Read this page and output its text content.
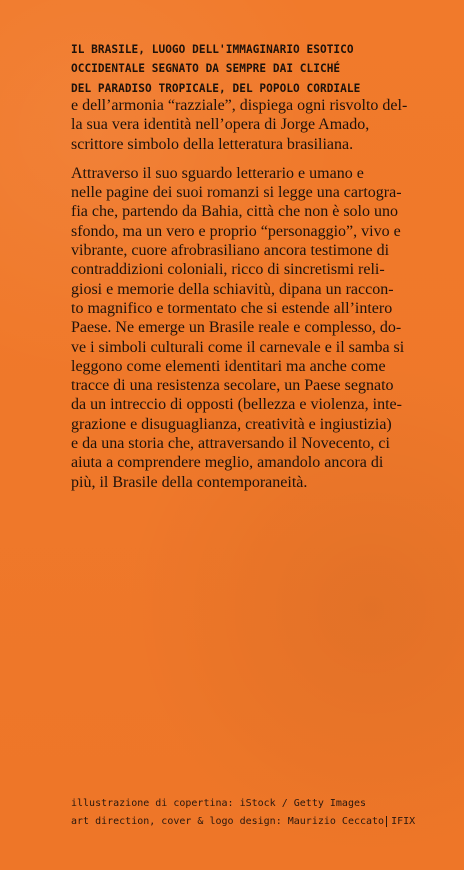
IL BRASILE, LUOGO DELL'IMMAGINARIO ESOTICO
OCCIDENTALE SEGNATO DA SEMPRE DAI CLICHÉ
DEL PARADISO TROPICALE, DEL POPOLO CORDIALE

e dell’armonia “razziale”, dispiega ogni risvolto del-
la sua vera identità nell’opera di Jorge Amado,
scrittore simbolo della letteratura brasiliana.

Attraverso il suo sguardo letterario e umano e
nelle pagine dei suoi romanzi si legge una cartogra-
fia che, partendo da Bahia, città che non è solo uno
sfondo, ma un vero e proprio “personaggio”, vivo e
vibrante, cuore afrobrasiliano ancora testimone di
contraddizioni coloniali, ricco di sincretismi reli-
giosi e memorie della schiavitù, dipana un raccon-
to magnifico e tormentato che si estende all’intero
Paese. Ne emerge un Brasile reale e complesso, do-
ve i simboli culturali come il carnevale e il samba si
leggono come elementi identitari ma anche come
tracce di una resistenza secolare, un Paese segnato
da un intreccio di opposti (bellezza e violenza, inte-
grazione e disuguaglianza, creatività e ingiustizia)
e da una storia che, attraversando il Novecento, ci
aiuta a comprendere meglio, amandolo ancora di
più, il Brasile della contemporaneità.

illustrazione di copertina: iStock / Getty Images
art direction, cover & logo design: Maurizio Ceccato IFIX
